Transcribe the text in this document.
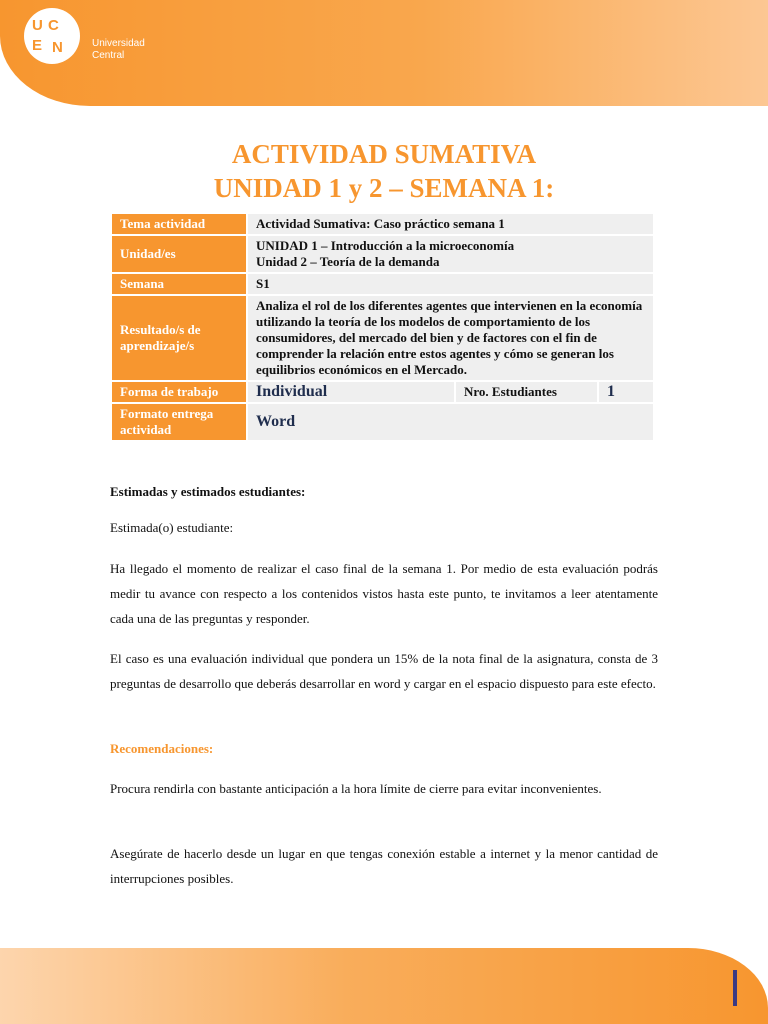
U C
E N	Universidad
Central
ACTIVIDAD SUMATIVA
UNIDAD 1 y 2 – SEMANA 1:
Tema actividad	Actividad Sumativa: Caso práctico semana 1		
Unidad/es	UNIDAD 1 – Introducción a la microeconomía
Unidad 2 – Teoría de la demanda		

Semana	S1		
Resultado/s de aprendizaje/s	Analiza el rol de los diferentes agentes que intervienen en la economía utilizando la teoría de los modelos de comportamiento de los consumidores, del mercado del bien y de factores con el fin de comprender la relación entre estos agentes y cómo se generan los equilibrios económicos en el Mercado.		
Forma de trabajo	Individual	Nro. Estudiantes	1
Formato entrega actividad	Word		

Estimadas y estimados estudiantes:

Estimada(o) estudiante:

Ha llegado el momento de realizar el caso final de la semana 1. Por medio de esta evaluación podrás medir tu avance con respecto a los contenidos vistos hasta este punto, te invitamos a leer atentamente cada una de las preguntas y responder.

El caso es una evaluación individual que pondera un 15% de la nota final de la asignatura, consta de 3 preguntas de desarrollo que deberás desarrollar en word y cargar en el espacio dispuesto para este efecto.

Recomendaciones:

Procura rendirla con bastante anticipación a la hora límite de cierre para evitar inconvenientes.

Asegúrate de hacerlo desde un lugar en que tengas conexión estable a internet y la menor cantidad de interrupciones posibles.
